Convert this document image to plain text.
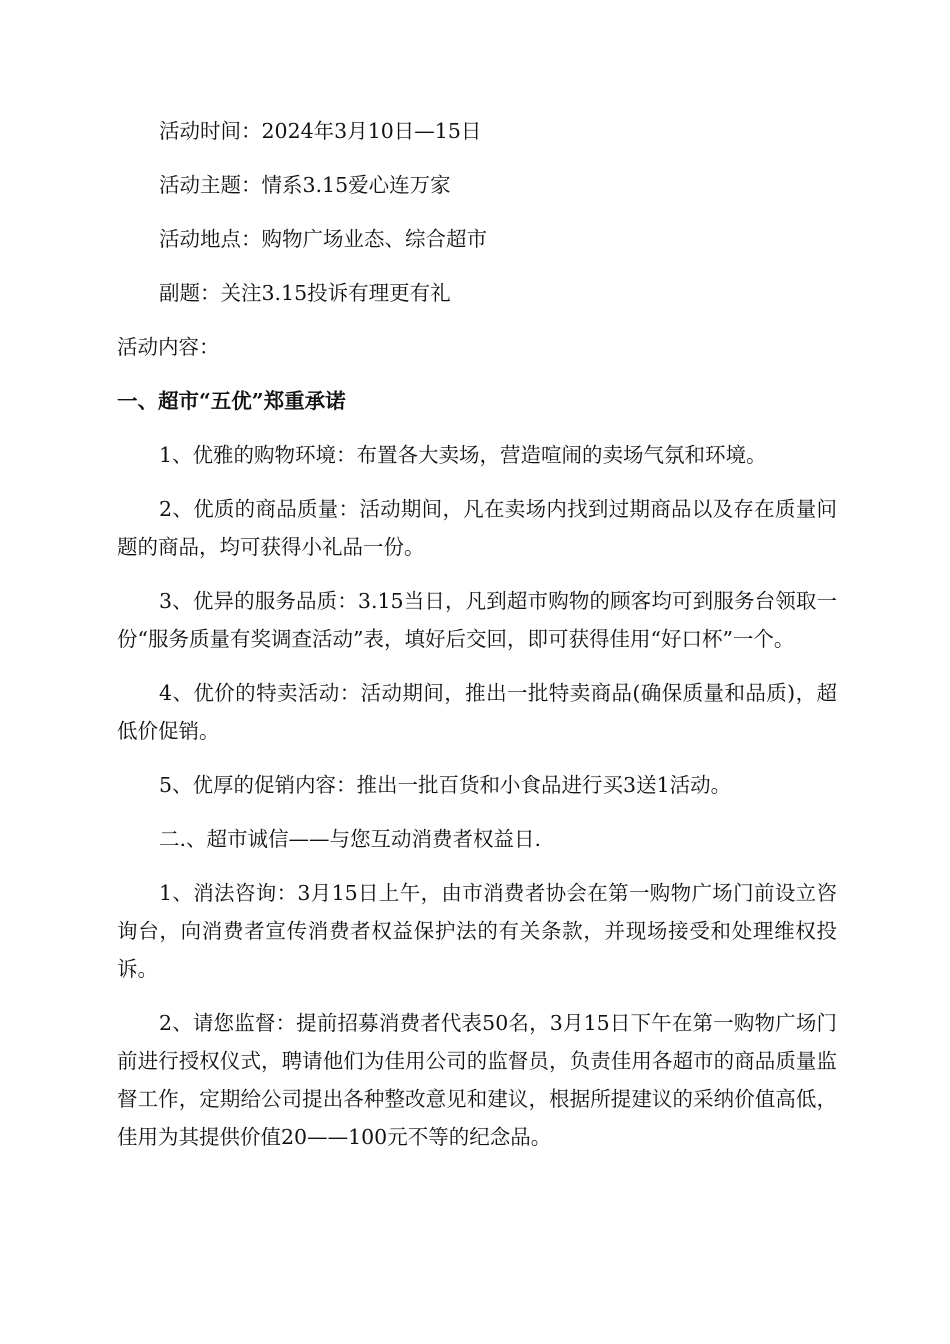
活动时间：2024年3月10日—15日

活动主题：情系3.15爱心连万家

活动地点：购物广场业态、综合超市

副题：关注3.15投诉有理更有礼

活动内容：

一、超市“五优”郑重承诺

1、优雅的购物环境：布置各大卖场，营造喧闹的卖场气氛和环境。

2、优质的商品质量：活动期间，凡在卖场内找到过期商品以及存在质量问题的商品，均可获得小礼品一份。

3、优异的服务品质：3.15当日，凡到超市购物的顾客均可到服务台领取一份“服务质量有奖调查活动”表，填好后交回，即可获得佳用“好口杯”一个。

4、优价的特卖活动：活动期间，推出一批特卖商品(确保质量和品质)，超低价促销。

5、优厚的促销内容：推出一批百货和小食品进行买3送1活动。

二.、超市诚信——与您互动消费者权益日.

1、消法咨询：3月15日上午，由市消费者协会在第一购物广场门前设立咨询台，向消费者宣传消费者权益保护法的有关条款，并现场接受和处理维权投诉。

2、请您监督：提前招募消费者代表50名，3月15日下午在第一购物广场门前进行授权仪式，聘请他们为佳用公司的监督员，负责佳用各超市的商品质量监督工作，定期给公司提出各种整改意见和建议，根据所提建议的采纳价值高低，佳用为其提供价值20——100元不等的纪念品。
